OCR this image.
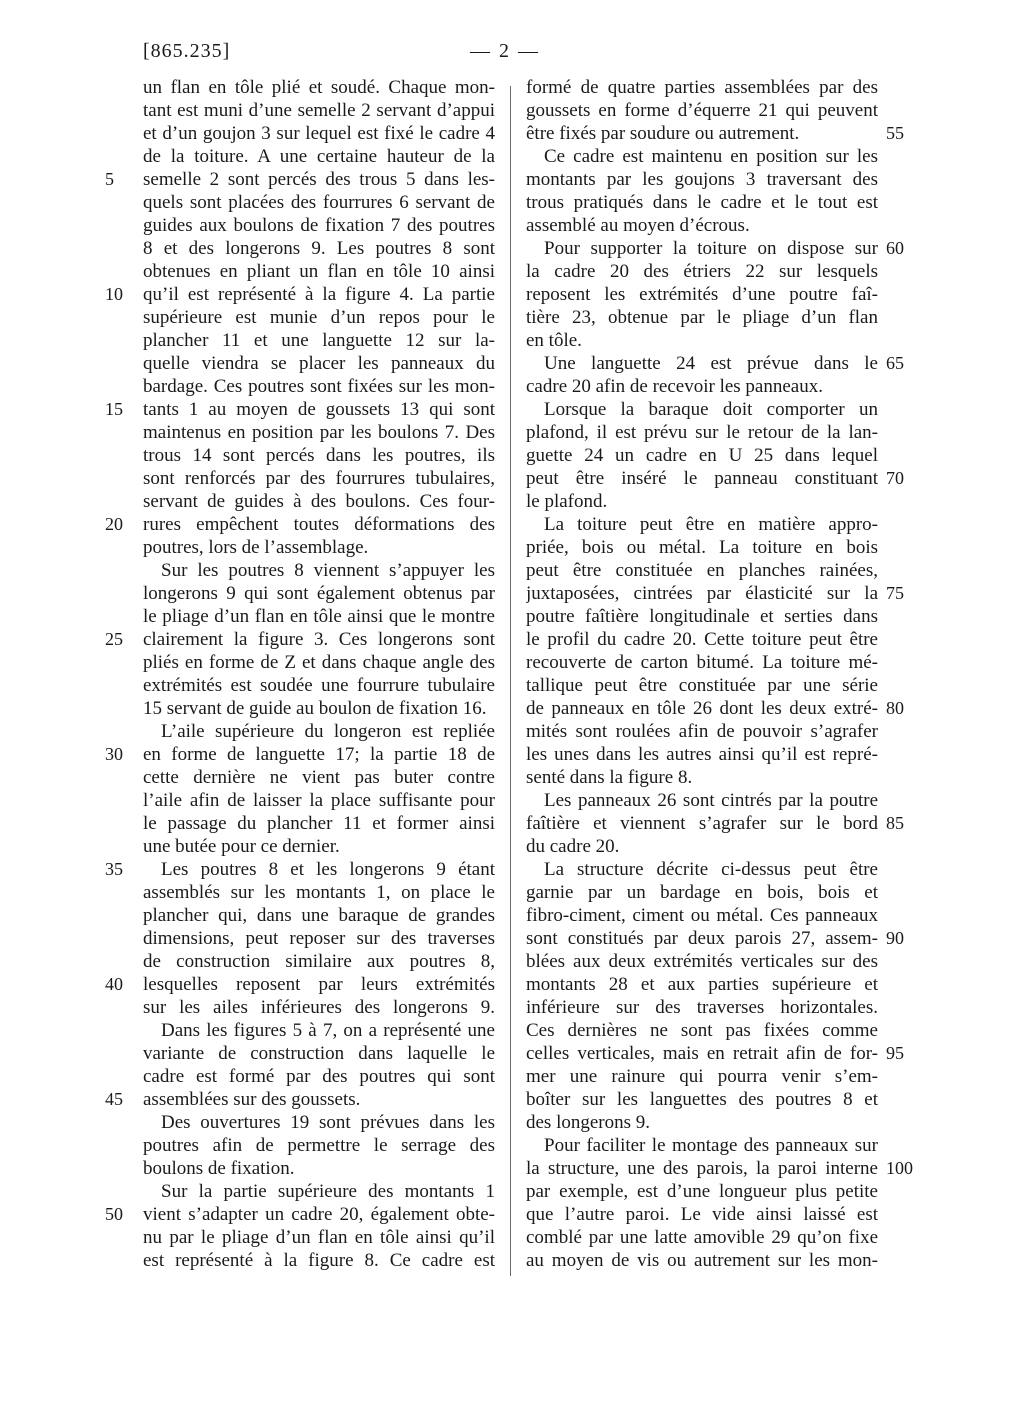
[865.235]	— 2 —
un flan en tôle plié et soudé. Chaque mon-
tant est muni d’une semelle 2 servant d’appui
et d’un goujon 3 sur lequel est fixé le cadre 4
de la toiture. A une certaine hauteur de la
semelle 2 sont percés des trous 5 dans les-
quels sont placées des fourrures 6 servant de
guides aux boulons de fixation 7 des poutres
8 et des longerons 9. Les poutres 8 sont
obtenues en pliant un flan en tôle 10 ainsi
qu’il est représenté à la figure 4. La partie
supérieure est munie d’un repos pour le
plancher 11 et une languette 12 sur la-
quelle viendra se placer les panneaux du
bardage. Ces poutres sont fixées sur les mon-
tants 1 au moyen de goussets 13 qui sont
maintenus en position par les boulons 7. Des
trous 14 sont percés dans les poutres, ils
sont renforcés par des fourrures tubulaires,
servant de guides à des boulons. Ces four-
rures empêchent toutes déformations des
poutres, lors de l’assemblage.
Sur les poutres 8 viennent s’appuyer les
longerons 9 qui sont également obtenus par
le pliage d’un flan en tôle ainsi que le montre
clairement la figure 3. Ces longerons sont
pliés en forme de Z et dans chaque angle des
extrémités est soudée une fourrure tubulaire
15 servant de guide au boulon de fixation 16.
L’aile supérieure du longeron est repliée
en forme de languette 17; la partie 18 de
cette dernière ne vient pas buter contre
l’aile afin de laisser la place suffisante pour
le passage du plancher 11 et former ainsi
une butée pour ce dernier.
Les poutres 8 et les longerons 9 étant
assemblés sur les montants 1, on place le
plancher qui, dans une baraque de grandes
dimensions, peut reposer sur des traverses
de construction similaire aux poutres 8,
lesquelles reposent par leurs extrémités
sur les ailes inférieures des longerons 9.
Dans les figures 5 à 7, on a représenté une
variante de construction dans laquelle le
cadre est formé par des poutres qui sont
assemblées sur des goussets.
Des ouvertures 19 sont prévues dans les
poutres afin de permettre le serrage des
boulons de fixation.
Sur la partie supérieure des montants 1
vient s’adapter un cadre 20, également obte-
nu par le pliage d’un flan en tôle ainsi qu’il
est représenté à la figure 8. Ce cadre est
formé de quatre parties assemblées par des
goussets en forme d’équerre 21 qui peuvent
être fixés par soudure ou autrement.
Ce cadre est maintenu en position sur les
montants par les goujons 3 traversant des
trous pratiqués dans le cadre et le tout est
assemblé au moyen d’écrous.
Pour supporter la toiture on dispose sur
la cadre 20 des étriers 22 sur lesquels
reposent les extrémités d’une poutre faî-
tière 23, obtenue par le pliage d’un flan
en tôle.
Une languette 24 est prévue dans le
cadre 20 afin de recevoir les panneaux.
Lorsque la baraque doit comporter un
plafond, il est prévu sur le retour de la lan-
guette 24 un cadre en U 25 dans lequel
peut être inséré le panneau constituant
le plafond.
La toiture peut être en matière appro-
priée, bois ou métal. La toiture en bois
peut être constituée en planches rainées,
juxtaposées, cintrées par élasticité sur la
poutre faîtière longitudinale et serties dans
le profil du cadre 20. Cette toiture peut être
recouverte de carton bitumé. La toiture mé-
tallique peut être constituée par une série
de panneaux en tôle 26 dont les deux extré-
mités sont roulées afin de pouvoir s’agrafer
les unes dans les autres ainsi qu’il est repré-
senté dans la figure 8.
Les panneaux 26 sont cintrés par la poutre
faîtière et viennent s’agrafer sur le bord
du cadre 20.
La structure décrite ci-dessus peut être
garnie par un bardage en bois, bois et
fibro-ciment, ciment ou métal. Ces panneaux
sont constitués par deux parois 27, assem-
blées aux deux extrémités verticales sur des
montants 28 et aux parties supérieure et
inférieure sur des traverses horizontales.
Ces dernières ne sont pas fixées comme
celles verticales, mais en retrait afin de for-
mer une rainure qui pourra venir s’em-
boîter sur les languettes des poutres 8 et
des longerons 9.
Pour faciliter le montage des panneaux sur
la structure, une des parois, la paroi interne
par exemple, est d’une longueur plus petite
que l’autre paroi. Le vide ainsi laissé est
comblé par une latte amovible 29 qu’on fixe
au moyen de vis ou autrement sur les mon-
5
10
15
20
25
30
35
40
45
50
55
60
65
70
75
80
85
90
95
100
